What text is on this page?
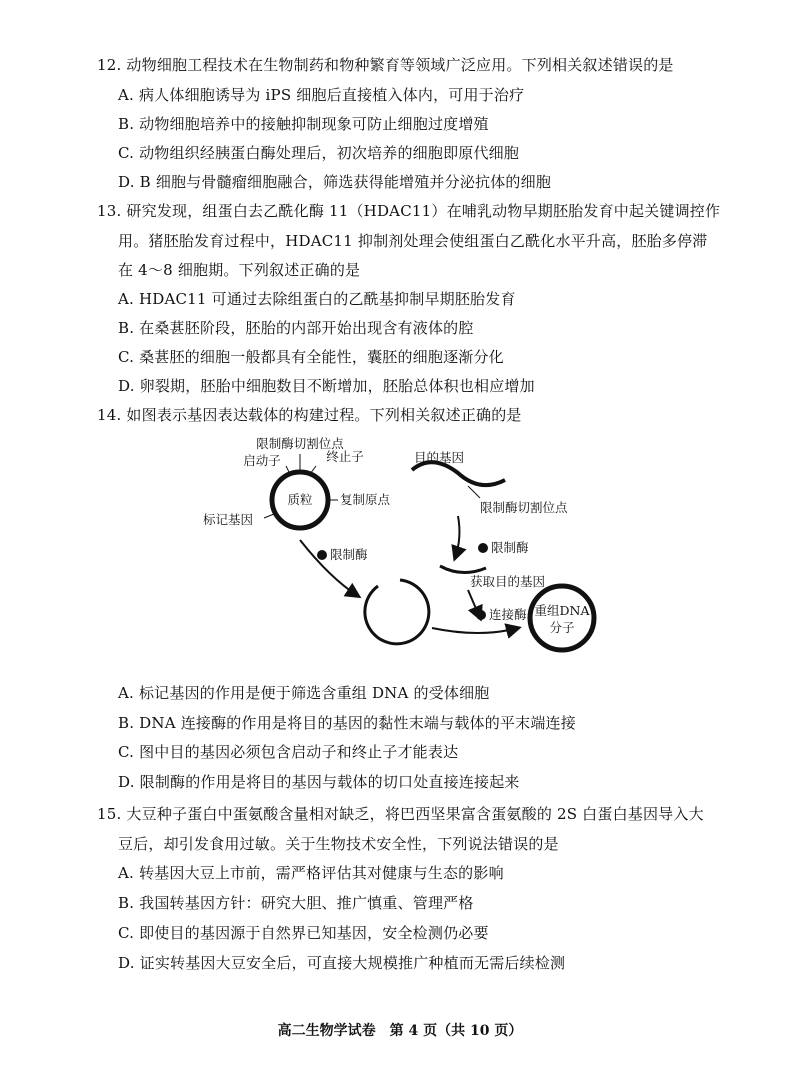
12. 动物细胞工程技术在生物制药和物种繁育等领域广泛应用。下列相关叙述错误的是
A. 病人体细胞诱导为 iPS 细胞后直接植入体内，可用于治疗
B. 动物细胞培养中的接触抑制现象可防止细胞过度增殖
C. 动物组织经胰蛋白酶处理后，初次培养的细胞即原代细胞
D. B 细胞与骨髓瘤细胞融合，筛选获得能增殖并分泌抗体的细胞
13. 研究发现，组蛋白去乙酰化酶 11（HDAC11）在哺乳动物早期胚胎发育中起关键调控作
用。猪胚胎发育过程中，HDAC11 抑制剂处理会使组蛋白乙酰化水平升高，胚胎多停滞
在 4～8 细胞期。下列叙述正确的是
A. HDAC11 可通过去除组蛋白的乙酰基抑制早期胚胎发育
B. 在桑葚胚阶段，胚胎的内部开始出现含有液体的腔
C. 桑葚胚的细胞一般都具有全能性，囊胚的细胞逐渐分化
D. 卵裂期，胚胎中细胞数目不断增加，胚胎总体积也相应增加
14. 如图表示基因表达载体的构建过程。下列相关叙述正确的是
质粒
限制酶切割位点
启动子	终止子
复制原点
标记基因
限制酶
目的基因
限制酶切割位点
限制酶
获取目的基因
连接酶 重组DNA
分子
A. 标记基因的作用是便于筛选含重组 DNA 的受体细胞
B. DNA 连接酶的作用是将目的基因的黏性末端与载体的平末端连接
C. 图中目的基因必须包含启动子和终止子才能表达
D. 限制酶的作用是将目的基因与载体的切口处直接连接起来
15. 大豆种子蛋白中蛋氨酸含量相对缺乏，将巴西坚果富含蛋氨酸的 2S 白蛋白基因导入大
豆后，却引发食用过敏。关于生物技术安全性，下列说法错误的是
A. 转基因大豆上市前，需严格评估其对健康与生态的影响
B. 我国转基因方针：研究大胆、推广慎重、管理严格
C. 即使目的基因源于自然界已知基因，安全检测仍必要
D. 证实转基因大豆安全后，可直接大规模推广种植而无需后续检测
高二生物学试卷　第 4 页（共 10 页）
